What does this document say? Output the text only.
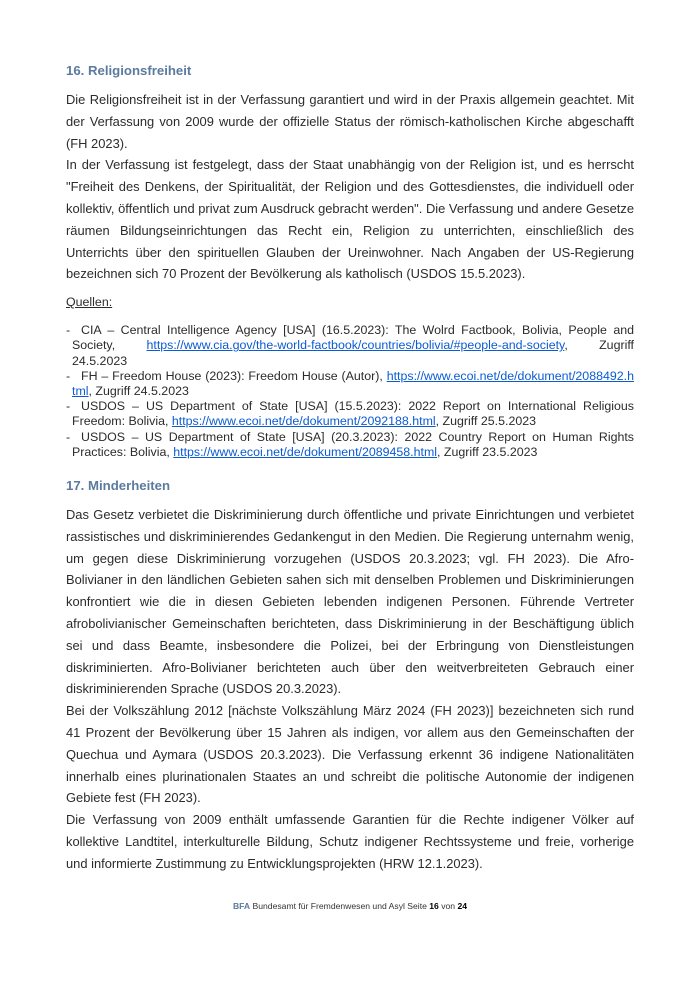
16. Religionsfreiheit

Die Religionsfreiheit ist in der Verfassung garantiert und wird in der Praxis allgemein geachtet. Mit der Verfassung von 2009 wurde der offizielle Status der römisch-katholischen Kirche abgeschafft (FH 2023).

In der Verfassung ist festgelegt, dass der Staat unabhängig von der Religion ist, und es herrscht "Freiheit des Denkens, der Spiritualität, der Religion und des Gottesdienstes, die individuell oder kollektiv, öffentlich und privat zum Ausdruck gebracht werden". Die Verfassung und andere Gesetze räumen Bildungseinrichtungen das Recht ein, Religion zu unterrichten, einschließlich des Unterrichts über den spirituellen Glauben der Ureinwohner. Nach Angaben der US-Regierung bezeichnen sich 70 Prozent der Bevölkerung als katholisch (USDOS 15.5.2023).

Quellen:
- CIA – Central Intelligence Agency [USA] (16.5.2023): The Wolrd Factbook, Bolivia, People and Society, https://www.cia.gov/the-world-factbook/countries/bolivia/#people-and-society, Zugriff 24.5.2023
- FH – Freedom House (2023): Freedom House (Autor), https://www.ecoi.net/de/dokument/2088492.html, Zugriff 24.5.2023
- USDOS – US Department of State [USA] (15.5.2023): 2022 Report on International Religious Freedom: Bolivia, https://www.ecoi.net/de/dokument/2092188.html, Zugriff 25.5.2023
- USDOS – US Department of State [USA] (20.3.2023): 2022 Country Report on Human Rights Practices: Bolivia, https://www.ecoi.net/de/dokument/2089458.html, Zugriff 23.5.2023
17. Minderheiten

Das Gesetz verbietet die Diskriminierung durch öffentliche und private Einrichtungen und verbietet rassistisches und diskriminierendes Gedankengut in den Medien. Die Regierung unternahm wenig, um gegen diese Diskriminierung vorzugehen (USDOS 20.3.2023; vgl. FH 2023). Die Afro-Bolivianer in den ländlichen Gebieten sahen sich mit denselben Problemen und Diskriminierungen konfrontiert wie die in diesen Gebieten lebenden indigenen Personen. Führende Vertreter afrobolivianischer Gemeinschaften berichteten, dass Diskriminierung in der Beschäftigung üblich sei und dass Beamte, insbesondere die Polizei, bei der Erbringung von Dienstleistungen diskriminierten. Afro-Bolivianer berichteten auch über den weitverbreiteten Gebrauch einer diskriminierenden Sprache (USDOS 20.3.2023).

Bei der Volkszählung 2012 [nächste Volkszählung März 2024 (FH 2023)] bezeichneten sich rund 41 Prozent der Bevölkerung über 15 Jahren als indigen, vor allem aus den Gemeinschaften der Quechua und Aymara (USDOS 20.3.2023). Die Verfassung erkennt 36 indigene Nationalitäten innerhalb eines plurinationalen Staates an und schreibt die politische Autonomie der indigenen Gebiete fest (FH 2023).

Die Verfassung von 2009 enthält umfassende Garantien für die Rechte indigener Völker auf kollektive Landtitel, interkulturelle Bildung, Schutz indigener Rechtssysteme und freie, vorherige und informierte Zustimmung zu Entwicklungsprojekten (HRW 12.1.2023).

BFA Bundesamt für Fremdenwesen und Asyl Seite 16 von 24
